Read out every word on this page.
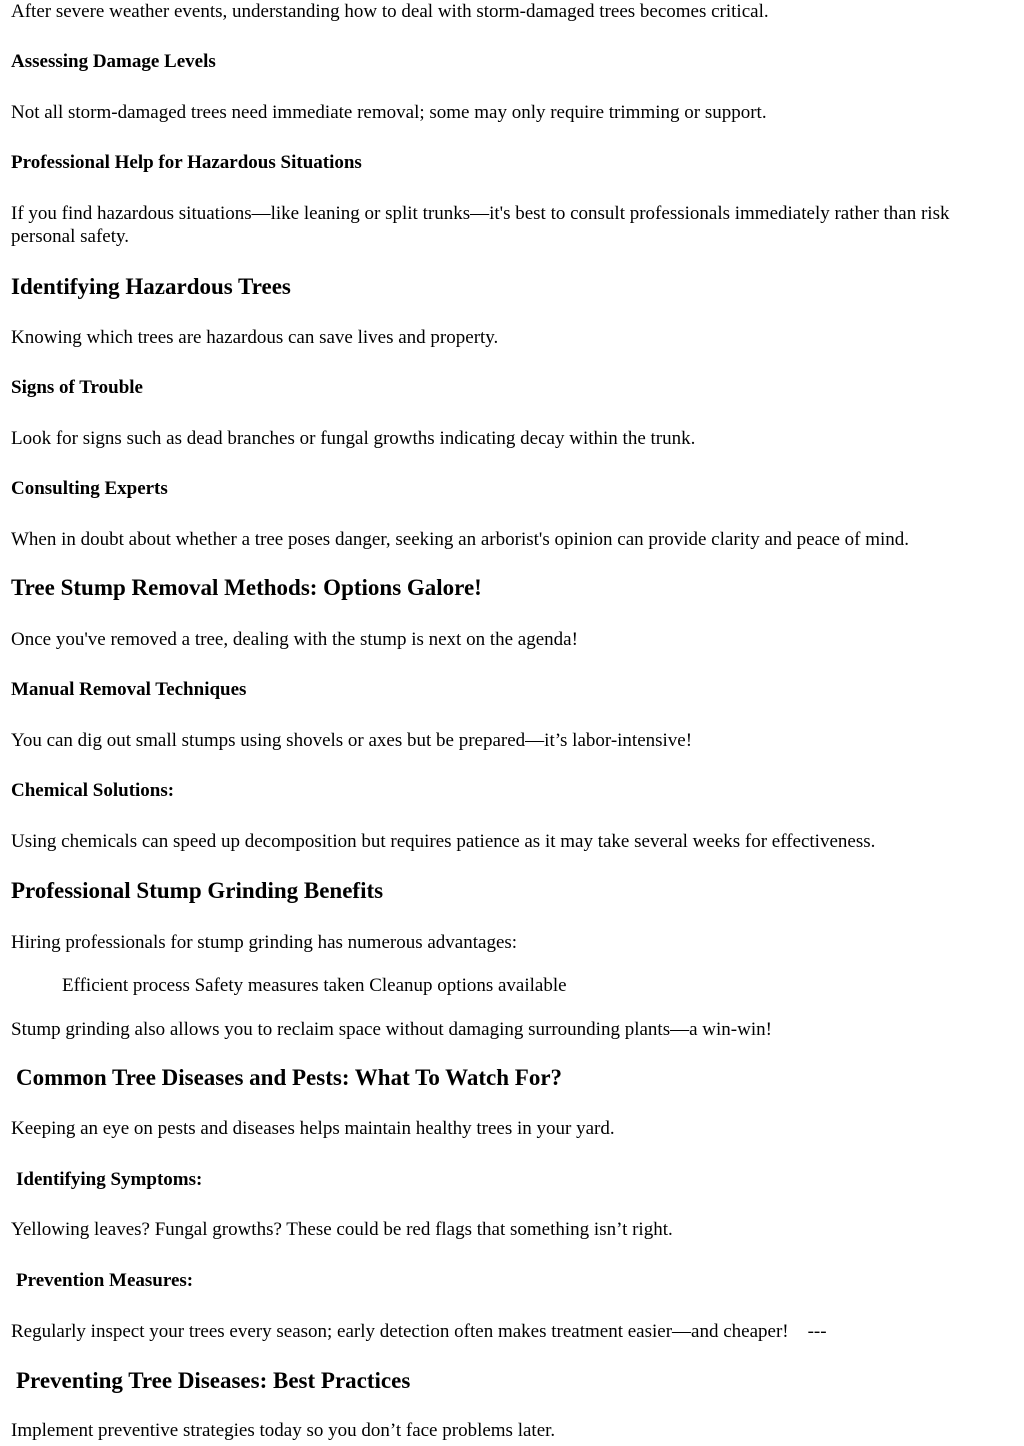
After severe weather events, understanding how to deal with storm-damaged trees becomes critical.

Assessing Damage Levels

Not all storm-damaged trees need immediate removal; some may only require trimming or support.

Professional Help for Hazardous Situations

If you find hazardous situations—like leaning or split trunks—it's best to consult professionals immediately rather than risk personal safety.

Identifying Hazardous Trees

Knowing which trees are hazardous can save lives and property.

Signs of Trouble

Look for signs such as dead branches or fungal growths indicating decay within the trunk.

Consulting Experts

When in doubt about whether a tree poses danger, seeking an arborist's opinion can provide clarity and peace of mind.

Tree Stump Removal Methods: Options Galore!

Once you've removed a tree, dealing with the stump is next on the agenda!

Manual Removal Techniques

You can dig out small stumps using shovels or axes but be prepared—it’s labor-intensive!

Chemical Solutions:

Using chemicals can speed up decomposition but requires patience as it may take several weeks for effectiveness.

Professional Stump Grinding Benefits

Hiring professionals for stump grinding has numerous advantages:

Efficient process Safety measures taken Cleanup options available

Stump grinding also allows you to reclaim space without damaging surrounding plants—a win-win!

Common Tree Diseases and Pests: What To Watch For?

Keeping an eye on pests and diseases helps maintain healthy trees in your yard.

Identifying Symptoms:

Yellowing leaves? Fungal growths? These could be red flags that something isn’t right.

Prevention Measures:

Regularly inspect your trees every season; early detection often makes treatment easier—and cheaper!    ---

Preventing Tree Diseases: Best Practices

Implement preventive strategies today so you don’t face problems later.
